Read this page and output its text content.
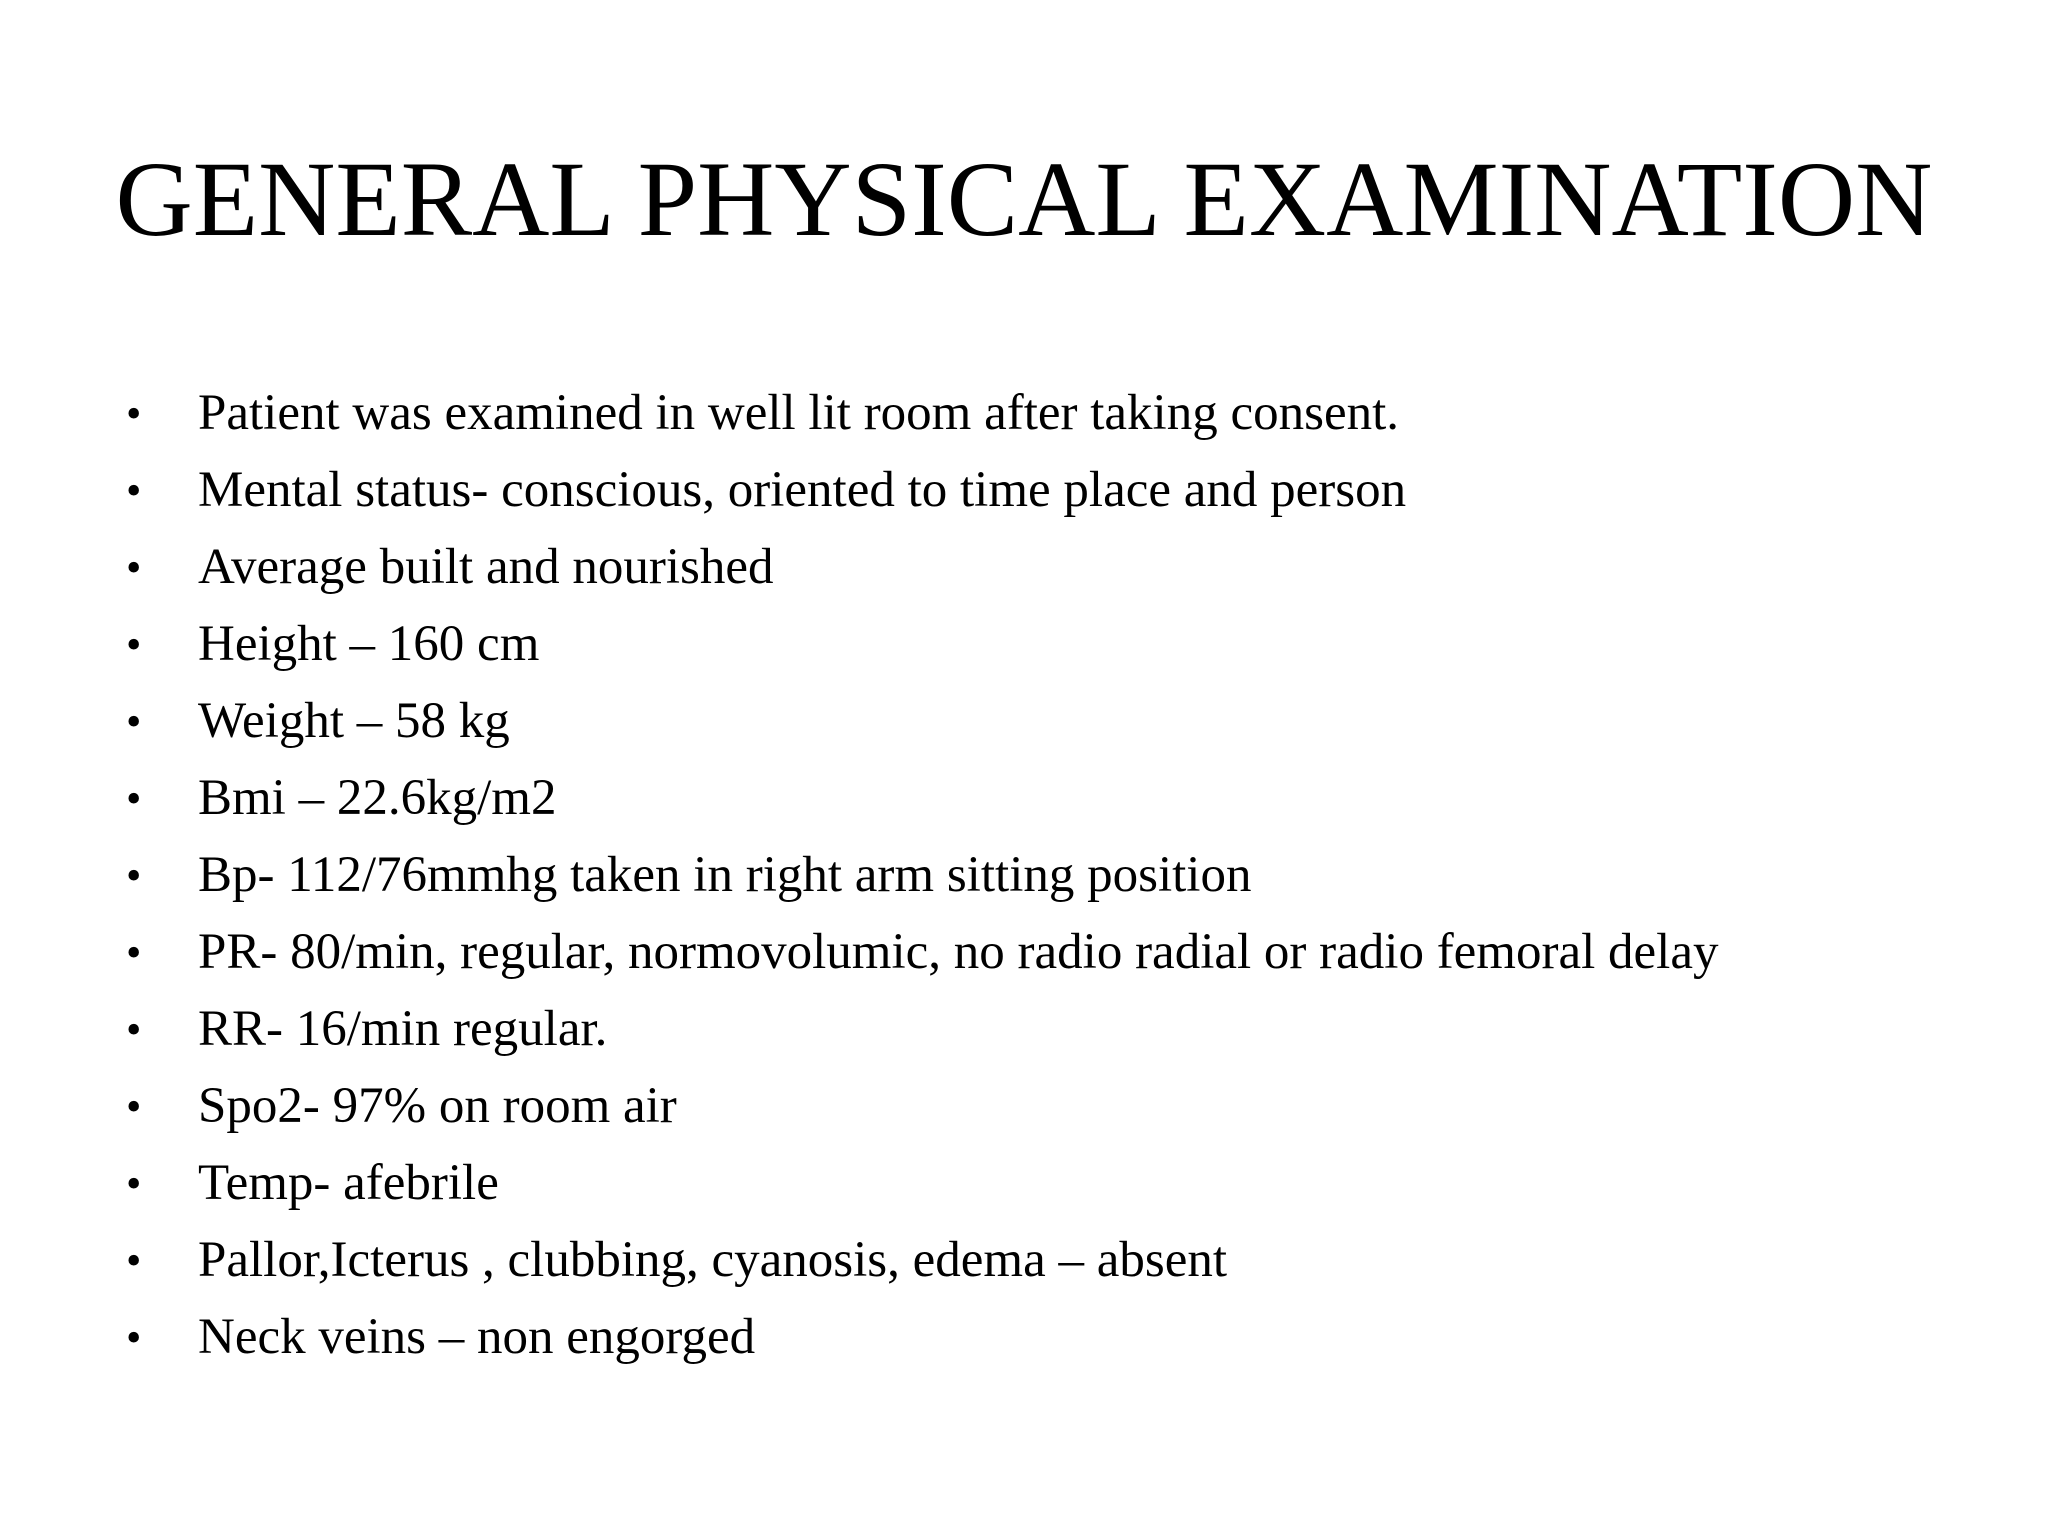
GENERAL PHYSICAL EXAMINATION
• Patient was examined in well lit room after taking consent.
• Mental status- conscious, oriented to time place and person
• Average built and nourished
• Height – 160 cm
• Weight – 58 kg
• Bmi – 22.6kg/m2
• Bp- 112/76mmhg taken in right arm sitting position
• PR- 80/min, regular, normovolumic, no radio radial or radio femoral delay
• RR- 16/min regular.
• Spo2- 97% on room air
• Temp- afebrile
• Pallor,Icterus , clubbing, cyanosis, edema – absent
• Neck veins – non engorged
